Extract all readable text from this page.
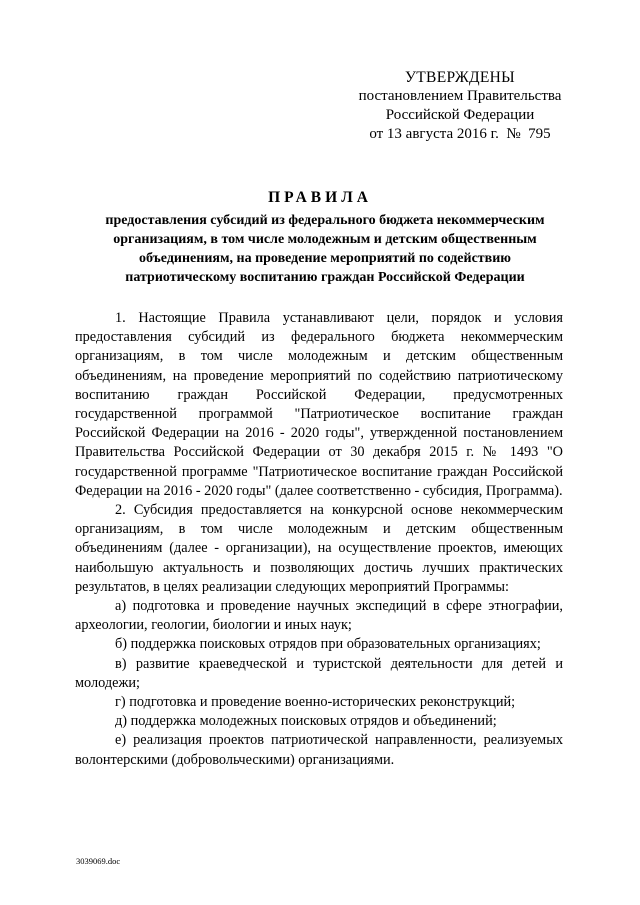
УТВЕРЖДЕНЫ
постановлением Правительства
Российской Федерации
от 13 августа 2016 г.  №  795
ПРАВИЛА
предоставления субсидий из федерального бюджета некоммерческим организациям, в том числе молодежным и детским общественным объединениям, на проведение мероприятий по содействию патриотическому воспитанию граждан Российской Федерации

1. Настоящие Правила устанавливают цели, порядок и условия предоставления субсидий из федерального бюджета некоммерческим организациям, в том числе молодежным и детским общественным объединениям, на проведение мероприятий по содействию патриотическому воспитанию граждан Российской Федерации, предусмотренных государственной программой "Патриотическое воспитание граждан Российской Федерации на 2016 - 2020 годы", утвержденной постановлением Правительства Российской Федерации от 30 декабря 2015 г. № 1493 "О государственной программе "Патриотическое воспитание граждан Российской Федерации на 2016 - 2020 годы" (далее соответственно - субсидия, Программа).

2. Субсидия предоставляется на конкурсной основе некоммерческим организациям, в том числе молодежным и детским общественным объединениям (далее - организации), на осуществление проектов, имеющих наибольшую актуальность и позволяющих достичь лучших практических результатов, в целях реализации следующих мероприятий Программы:

а) подготовка и проведение научных экспедиций в сфере этнографии, археологии, геологии, биологии и иных наук;

б) поддержка поисковых отрядов при образовательных организациях;

в) развитие краеведческой и туристской деятельности для детей и молодежи;

г) подготовка и проведение военно-исторических реконструкций;

д) поддержка молодежных поисковых отрядов и объединений;

е) реализация проектов патриотической направленности, реализуемых волонтерскими (добровольческими) организациями.

3039069.doc
